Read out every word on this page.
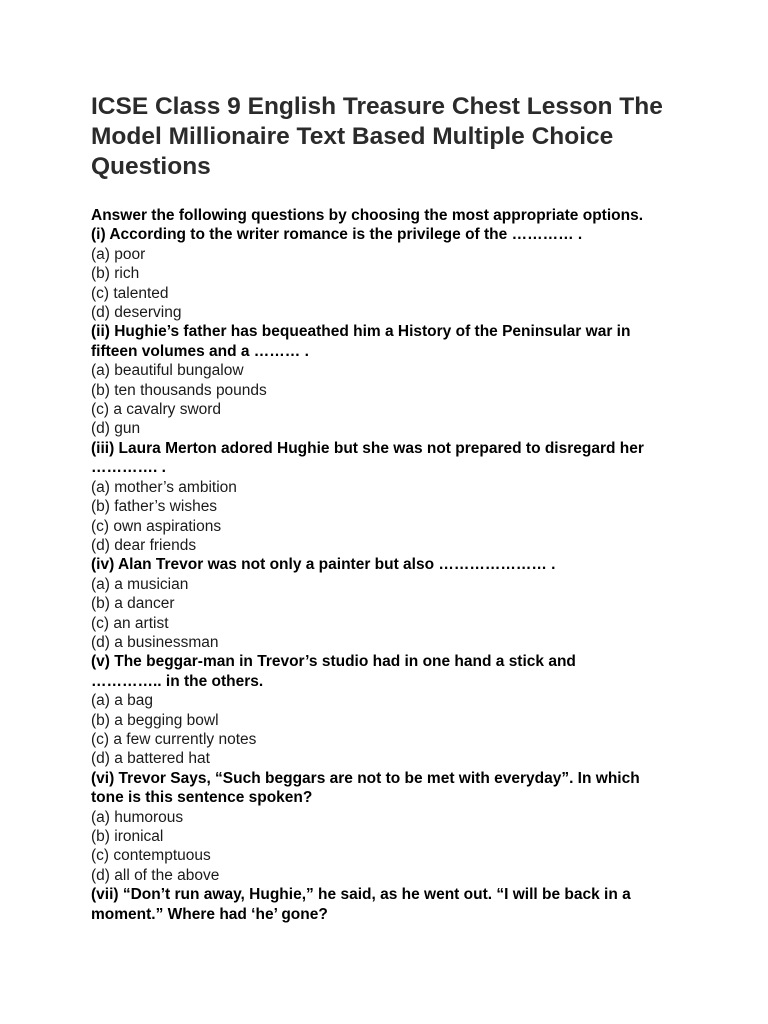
ICSE Class 9 English Treasure Chest Lesson The
Model Millionaire Text Based Multiple Choice
Questions
Answer the following questions by choosing the most appropriate options.
(i) According to the writer romance is the privilege of the ………… .
(a) poor
(b) rich
(c) talented
(d) deserving
(ii) Hughie’s father has bequeathed him a History of the Peninsular war in
fifteen volumes and a ……… .
(a) beautiful bungalow
(b) ten thousands pounds
(c) a cavalry sword
(d) gun
(iii) Laura Merton adored Hughie but she was not prepared to disregard her
…………. .
(a) mother’s ambition
(b) father’s wishes
(c) own aspirations
(d) dear friends
(iv) Alan Trevor was not only a painter but also ………………… .
(a) a musician
(b) a dancer
(c) an artist
(d) a businessman
(v) The beggar-man in Trevor’s studio had in one hand a stick and
………….. in the others.
(a) a bag
(b) a begging bowl
(c) a few currently notes
(d) a battered hat
(vi) Trevor Says, “Such beggars are not to be met with everyday”. In which
tone is this sentence spoken?
(a) humorous
(b) ironical
(c) contemptuous
(d) all of the above
(vii) “Don’t run away, Hughie,” he said, as he went out. “I will be back in a
moment.” Where had ‘he’ gone?
